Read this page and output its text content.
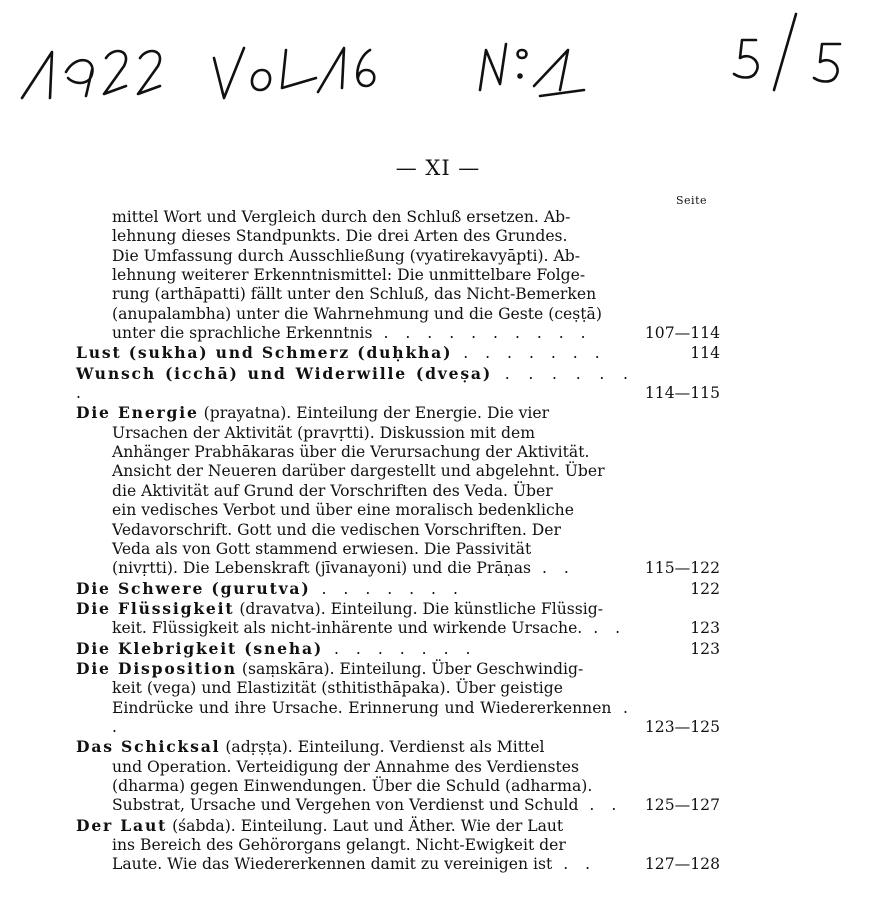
— XI —
Seite
mittel Wort und Vergleich durch den Schluß ersetzen. Ab-
lehnung dieses Standpunkts. Die drei Arten des Grundes.
Die Umfassung durch Ausschließung (vyatirekavyāpti). Ab-
lehnung weiterer Erkenntnismittel: Die unmittelbare Folge-
rung (arthāpatti) fällt unter den Schluß, das Nicht-Bemerken
(anupalambha) unter die Wahrnehmung und die Geste (ceṣṭā)
unter die sprachliche Erkenntnis . . . . . . . . . .	107—114
Lust (sukha) und Schmerz (duḥkha) . . . . . . .	114
Wunsch (icchā) und Widerwille (dveṣa) . . . . . . .	114—115
Die Energie (prayatna). Einteilung der Energie. Die vier
Ursachen der Aktivität (pravṛtti). Diskussion mit dem
Anhänger Prabhākaras über die Verursachung der Aktivität.
Ansicht der Neueren darüber dargestellt und abgelehnt. Über
die Aktivität auf Grund der Vorschriften des Veda. Über
ein vedisches Verbot und über eine moralisch bedenkliche
Vedavorschrift. Gott und die vedischen Vorschriften. Der
Veda als von Gott stammend erwiesen. Die Passivität
(nivṛtti). Die Lebenskraft (jīvanayoni) und die Prāṇas . .	115—122
Die Schwere (gurutva) . . . . . . .	122
Die Flüssigkeit (dravatva). Einteilung. Die künstliche Flüssig-
keit. Flüssigkeit als nicht-inhärente und wirkende Ursache. . .	123
Die Klebrigkeit (sneha) . . . . . . .	123
Die Disposition (saṃskāra). Einteilung. Über Geschwindig-
keit (vega) und Elastizität (sthitisthāpaka). Über geistige
Eindrücke und ihre Ursache. Erinnerung und Wiedererkennen . .	123—125
Das Schicksal (adṛṣṭa). Einteilung. Verdienst als Mittel
und Operation. Verteidigung der Annahme des Verdienstes
(dharma) gegen Einwendungen. Über die Schuld (adharma).
Substrat, Ursache und Vergehen von Verdienst und Schuld . .	125—127
Der Laut (śabda). Einteilung. Laut und Äther. Wie der Laut
ins Bereich des Gehörorgans gelangt. Nicht-Ewigkeit der
Laute. Wie das Wiedererkennen damit zu vereinigen ist . .	127—128
